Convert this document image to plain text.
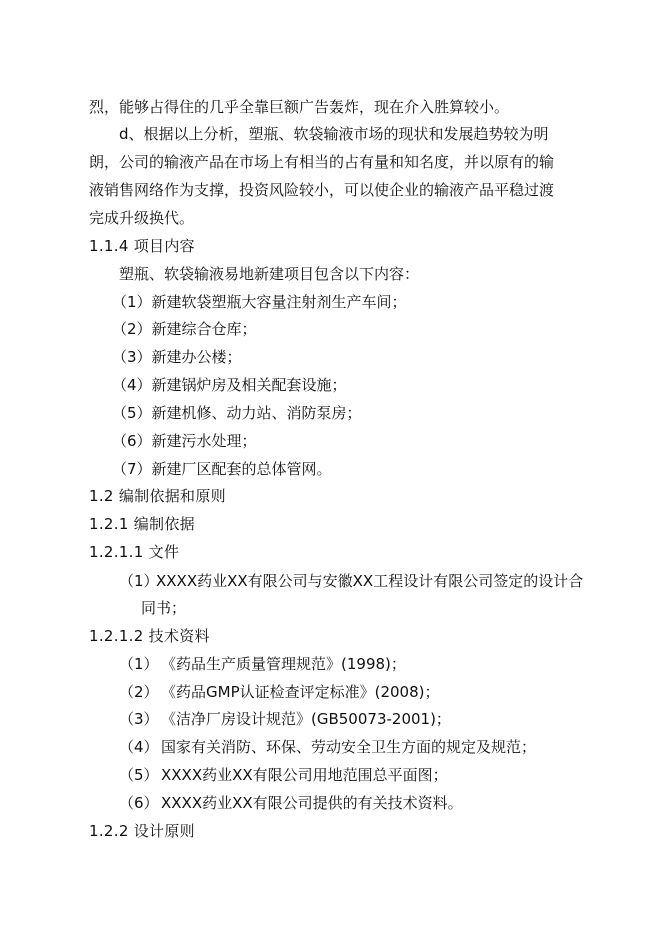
烈，能够占得住的几乎全靠巨额广告轰炸，现在介入胜算较小。
d、根据以上分析，塑瓶、软袋输液市场的现状和发展趋势较为明
朗，公司的输液产品在市场上有相当的占有量和知名度，并以原有的输
液销售网络作为支撑，投资风险较小，可以使企业的输液产品平稳过渡
完成升级换代。
1.1.4 项目内容
塑瓶、软袋输液易地新建项目包含以下内容：
（1）新建软袋塑瓶大容量注射剂生产车间；
（2）新建综合仓库；
（3）新建办公楼；
（4）新建锅炉房及相关配套设施；
（5）新建机修、动力站、消防泵房；
（6）新建污水处理；
（7）新建厂区配套的总体管网。
1.2 编制依据和原则
1.2.1 编制依据
1.2.1.1 文件
（1）XXXX药业XX有限公司与安徽XX工程设计有限公司签定的设计合
同书；
1.2.1.2 技术资料
（1） 《药品生产质量管理规范》(1998)；
（2） 《药品GMP认证检查评定标准》(2008)；
（3） 《洁净厂房设计规范》(GB50073-2001)；
（4） 国家有关消防、环保、劳动安全卫生方面的规定及规范；
（5） XXXX药业XX有限公司用地范围总平面图；
（6） XXXX药业XX有限公司提供的有关技术资料。
1.2.2 设计原则
